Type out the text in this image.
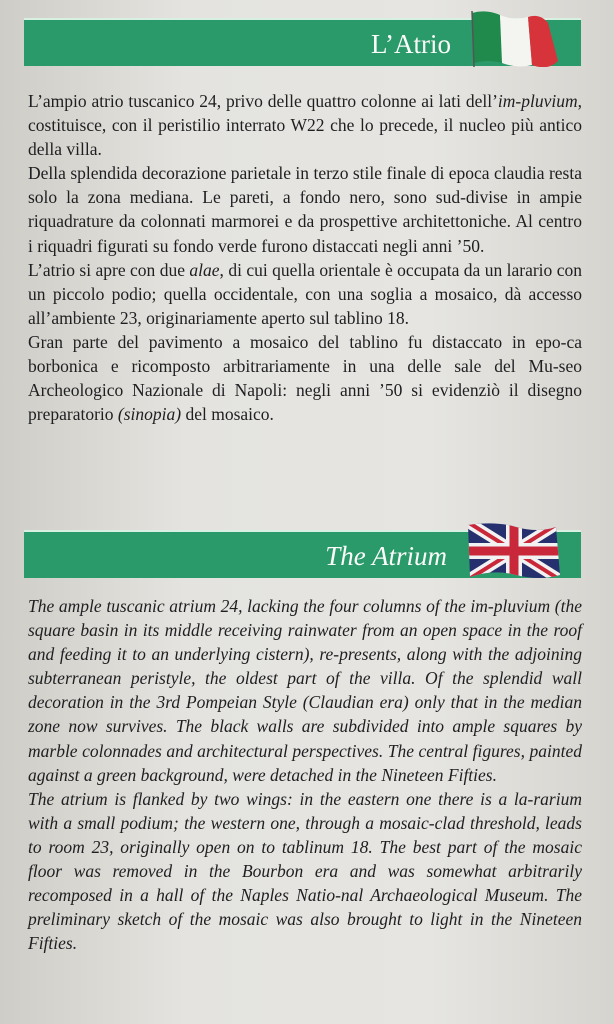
L’Atrio

L’ampio atrio tuscanico 24, privo delle quattro colonne ai lati dell’im-pluvium, costituisce, con il peristilio interrato W22 che lo precede, il nucleo più antico della villa.

Della splendida decorazione parietale in terzo stile finale di epoca claudia resta solo la zona mediana. Le pareti, a fondo nero, sono sud-divise in ampie riquadrature da colonnati marmorei e da prospettive architettoniche. Al centro i riquadri figurati su fondo verde furono distaccati negli anni ’50.

L’atrio si apre con due alae, di cui quella orientale è occupata da un larario con un piccolo podio; quella occidentale, con una soglia a mosaico, dà accesso all’ambiente 23, originariamente aperto sul tablino 18.

Gran parte del pavimento a mosaico del tablino fu distaccato in epo-ca borbonica e ricomposto arbitrariamente in una delle sale del Mu-seo Archeologico Nazionale di Napoli: negli anni ’50 si evidenziò il disegno preparatorio (sinopia) del mosaico.

The Atrium

The ample tuscanic atrium 24, lacking the four columns of the im-pluvium (the square basin in its middle receiving rainwater from an open space in the roof and feeding it to an underlying cistern), re-presents, along with the adjoining subterranean peristyle, the oldest part of the villa. Of the splendid wall decoration in the 3rd Pompeian Style (Claudian era) only that in the median zone now survives. The black walls are subdivided into ample squares by marble colonnades and architectural perspectives. The central figures, painted against a green background, were detached in the Nineteen Fifties.

The atrium is flanked by two wings: in the eastern one there is a la-rarium with a small podium; the western one, through a mosaic-clad threshold, leads to room 23, originally open on to tablinum 18. The best part of the mosaic floor was removed in the Bourbon era and was somewhat arbitrarily recomposed in a hall of the Naples Natio-nal Archaeological Museum. The preliminary sketch of the mosaic was also brought to light in the Nineteen Fifties.
